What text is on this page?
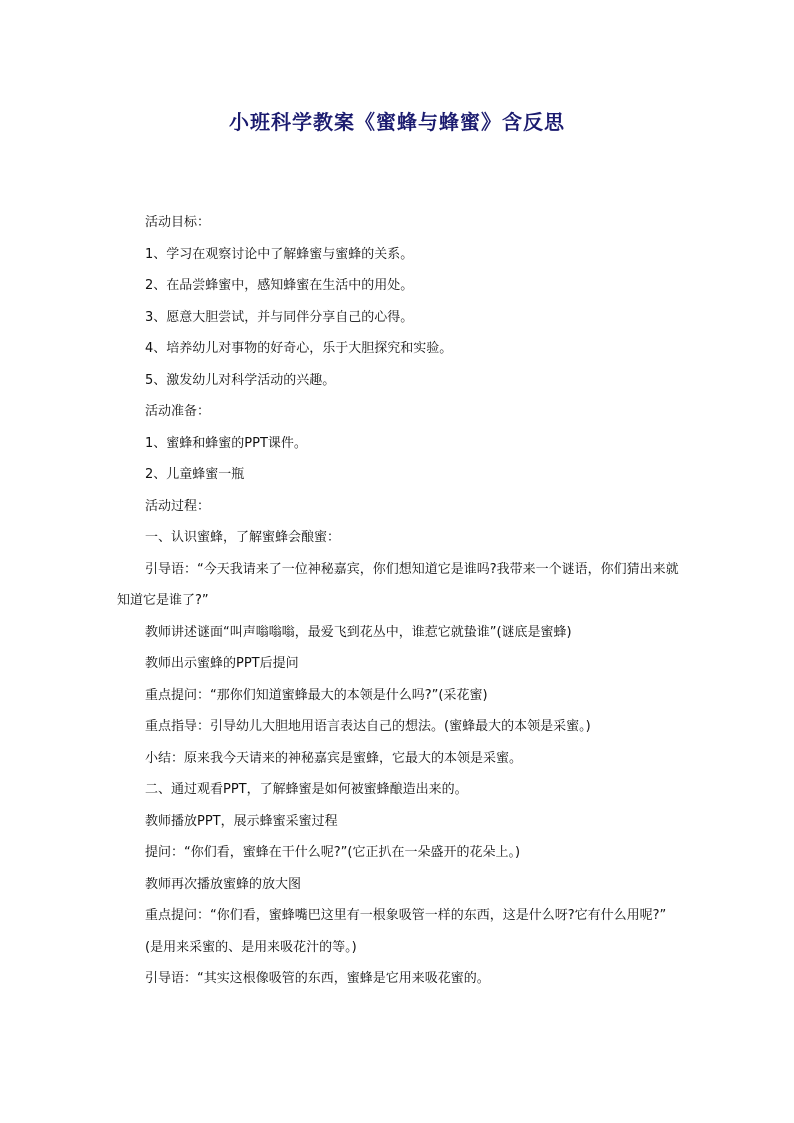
小班科学教案《蜜蜂与蜂蜜》含反思

活动目标：

1、学习在观察讨论中了解蜂蜜与蜜蜂的关系。

2、在品尝蜂蜜中，感知蜂蜜在生活中的用处。

3、愿意大胆尝试，并与同伴分享自己的心得。

4、培养幼儿对事物的好奇心，乐于大胆探究和实验。

5、激发幼儿对科学活动的兴趣。

活动准备：

1、蜜蜂和蜂蜜的PPT课件。

2、儿童蜂蜜一瓶

活动过程：

一、认识蜜蜂，了解蜜蜂会酿蜜：

引导语：“今天我请来了一位神秘嘉宾，你们想知道它是谁吗?我带来一个谜语，你们猜出来就知道它是谁了?”

教师讲述谜面“叫声嗡嗡嗡，最爱飞到花丛中，谁惹它就蛰谁”(谜底是蜜蜂)

教师出示蜜蜂的PPT后提问

重点提问：“那你们知道蜜蜂最大的本领是什么吗?”(采花蜜)

重点指导：引导幼儿大胆地用语言表达自己的想法。(蜜蜂最大的本领是采蜜。)

小结：原来我今天请来的神秘嘉宾是蜜蜂，它最大的本领是采蜜。

二、通过观看PPT，了解蜂蜜是如何被蜜蜂酿造出来的。

教师播放PPT，展示蜂蜜采蜜过程

提问：“你们看，蜜蜂在干什么呢?”(它正扒在一朵盛开的花朵上。)

教师再次播放蜜蜂的放大图

重点提问：“你们看，蜜蜂嘴巴这里有一根象吸管一样的东西，这是什么呀?它有什么用呢?”

(是用来采蜜的、是用来吸花汁的等。)

引导语：“其实这根像吸管的东西，蜜蜂是它用来吸花蜜的。
